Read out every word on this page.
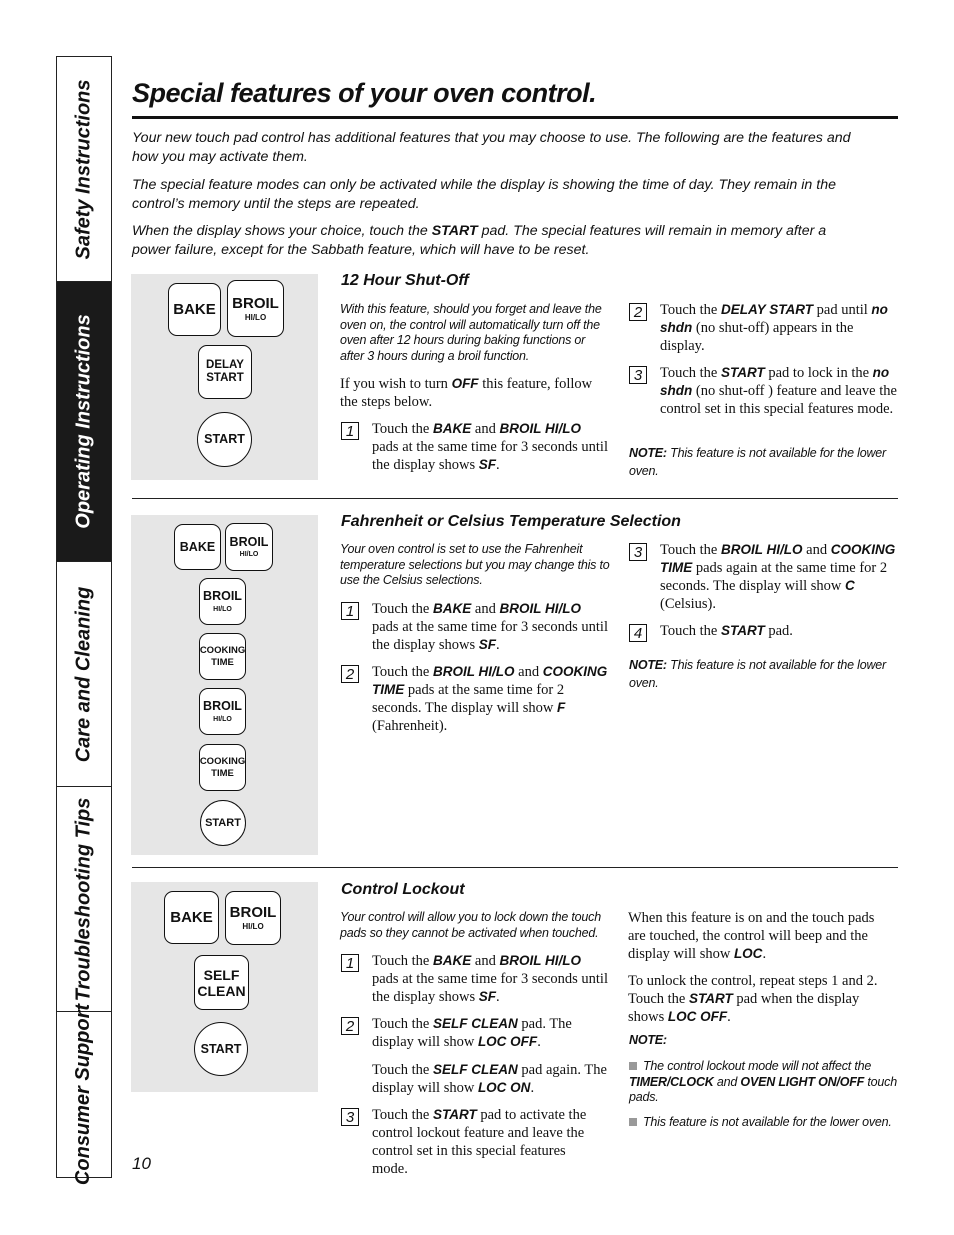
Safety Instructions
Operating Instructions
Care and Cleaning
Troubleshooting Tips
Consumer Support
Special features of your oven control.

Your new touch pad control has additional features that you may choose to use. The following are the features and how you may activate them.

The special feature modes can only be activated while the display is showing the time of day. They remain in the control’s memory until the steps are repeated.

When the display shows your choice, touch the START pad. The special features will remain in memory after a power failure, except for the Sabbath feature, which will have to be reset.

BAKE BROIL
HI/LO
DELAY
START
START
12 Hour Shut-Off

With this feature, should you forget and leave the oven on, the control will automatically turn off the oven after 12 hours during baking functions or after 3 hours during a broil function.

If you wish to turn OFF this feature, follow the steps below.

1	Touch the BAKE and BROIL HI/LO pads at the same time for 3 seconds until the display shows SF.

2	Touch the DELAY START pad until no shdn (no shut-off) appears in the display.

3	Touch the START pad to lock in the no shdn (no shut-off ) feature and leave the control set in this special features mode.

NOTE: This feature is not available for the lower oven.

BAKE BROIL
HI/LO
BROIL
HI/LO
COOKING
TIME
BROIL
HI/LO
COOKING
TIME
START
Fahrenheit or Celsius Temperature Selection

Your oven control is set to use the Fahrenheit temperature selections but you may change this to use the Celsius selections.

1	Touch the BAKE and BROIL HI/LO pads at the same time for 3 seconds until the display shows SF.

2	Touch the BROIL HI/LO and COOKING TIME pads at the same time for 2 seconds. The display will show F (Fahrenheit).

3	Touch the BROIL HI/LO and COOKING TIME pads again at the same time for 2 seconds. The display will show C (Celsius).

4	Touch the START pad.

NOTE: This feature is not available for the lower oven.

BAKE BROIL
HI/LO
SELF
CLEAN
START
Control Lockout

Your control will allow you to lock down the touch pads so they cannot be activated when touched.

1	Touch the BAKE and BROIL HI/LO pads at the same time for 3 seconds until the display shows SF.

2	Touch the SELF CLEAN pad. The display will show LOC OFF.

Touch the SELF CLEAN pad again. The display will show LOC ON.

3	Touch the START pad to activate the control lockout feature and leave the control set in this special features mode.

When this feature is on and the touch pads are touched, the control will beep and the display will show LOC.

To unlock the control, repeat steps 1 and 2. Touch the START pad when the display shows LOC OFF.

NOTE:

The control lockout mode will not affect the TIMER/CLOCK and OVEN LIGHT ON/OFF touch pads.

This feature is not available for the lower oven.

10
